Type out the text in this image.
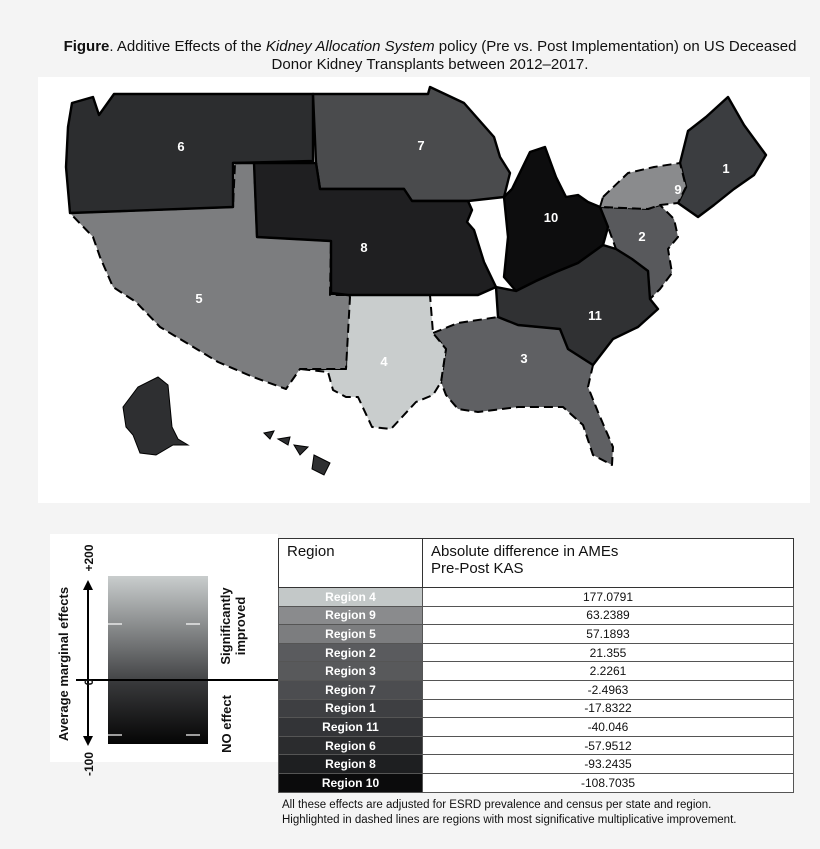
Figure. Additive Effects of the Kidney Allocation System policy (Pre vs. Post Implementation) on US Deceased Donor Kidney Transplants between 2012–2017.
1
2
3
4
5
6	7
8
9
10
11
Average marginal effects
+200
0
-100
Significantlyimproved
NO effect
Region	Absolute difference in AMEs
Pre-Post KAS
Region 4	177.0791
Region 9	63.2389
Region 5	57.1893
Region 2	21.355
Region 3	2.2261
Region 7	-2.4963
Region 1	-17.8322
Region 11	-40.046
Region 6	-57.9512
Region 8	-93.2435
Region 10	-108.7035
All these effects are adjusted for ESRD prevalence and census per state and region.
Highlighted in dashed lines are regions with most significative multiplicative improvement.
